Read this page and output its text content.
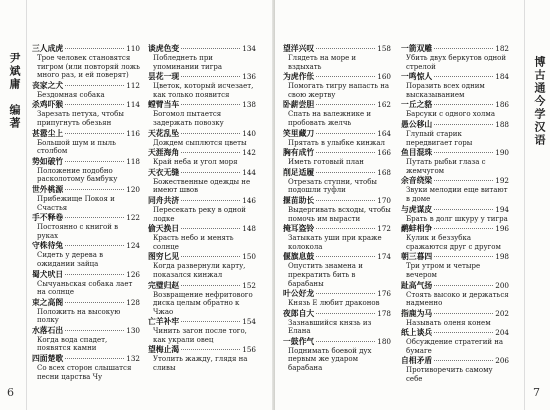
尹斌庸　编著
三人成虎	110
Трое человек становятся тигром (или повторяй ложь много раз, и ей поверят)
丧家之犬	112
Бездомная собака
杀鸡吓猴	114
Зарезать петуха, чтобы припугнуть обезьян
甚嚣尘上	116
Большой шум и пыль столбом
势如破竹	118
Положение подобно расколотому бамбуку
世外桃源	120
Прибежище Покоя и Счастья
手不释卷	122
Постоянно с книгой в руках
守株待兔	124
Сидеть у дерева в ожидании зайца
蜀犬吠日	126
Сычуаньская собака лает на солнце
束之高阁	128
Положить на высокую полку
水落石出	130
Когда вода спадет, появятся камни
四面楚歌	132
Со всех сторон слышатся песни царства Чу
谈虎色变	134
Побледнеть при упоминании тигра
昙花一现	136
Цветок, который исчезает, как только появится
螳臂当车	138
Богомол пытается задержать повозку
天花乱坠	140
Дождем сыплются цветы
天涯海角	142
Край неба и угол моря
天衣无缝	144
Божественные одежды не имеют швов
同舟共济	146
Пересекать реку в одной лодке
偷天换日	148
Красть небо и менять солнце
图穷匕见	150
Когда развернули карту, показался кинжал
完璧归赵	152
Возвращение нефритового диска целым обратно к Чжао
亡羊补牢	154
Чинить загон после того, как украли овец
望梅止渴	156
Утолить жажду, глядя на сливы
6
望洋兴叹	158
Глядеть на море и вздыхать
为虎作伥	160
Помогать тигру напасть на свою жертву
卧薪尝胆	162
Спать на валежнике и пробовать желчь
笑里藏刀	164
Прятать в улыбке кинжал
胸有成竹	166
Иметь готовый план
削足适履	168
Отрезать ступни, чтобы подошли туфли
揠苗助长	170
Выдергивать всходы, чтобы помочь им вырасти
掩耳盗铃	172
Затыкать уши при краже колокола
偃旗息鼓	174
Опустить знамена и прекратить бить в барабаны
叶公好龙	176
Князь Е любит драконов
夜郎自大	178
Зазнавшийся князь из Елана
一鼓作气	180
Поднимать боевой дух первым же ударом барабана
一箭双雕	182
Убить двух беркутов одной стрелой
一鸣惊人	184
Поразить всех одним высказыванием
一丘之貉	186
Барсуки с одного холма
愚公移山	188
Глупый старик передвигает горы
鱼目混珠	190
Путать рыбьи глаза с жемчугом
余音绕梁	192
Звуки мелодии еще витают в доме
与虎谋皮	194
Брать в долг шкуру у тигра
鹬蚌相争	196
Кулик и беззубка сражаются друг с другом
朝三暮四	198
Три утром и четыре вечером
趾高气扬	200
Стоять высоко и держаться надменно
指鹿为马	202
Называть оленя конем
纸上谈兵	204
Обсуждение стратегий на бумаге
自相矛盾	206
Противоречить самому себе
博古通今学汉语
7
